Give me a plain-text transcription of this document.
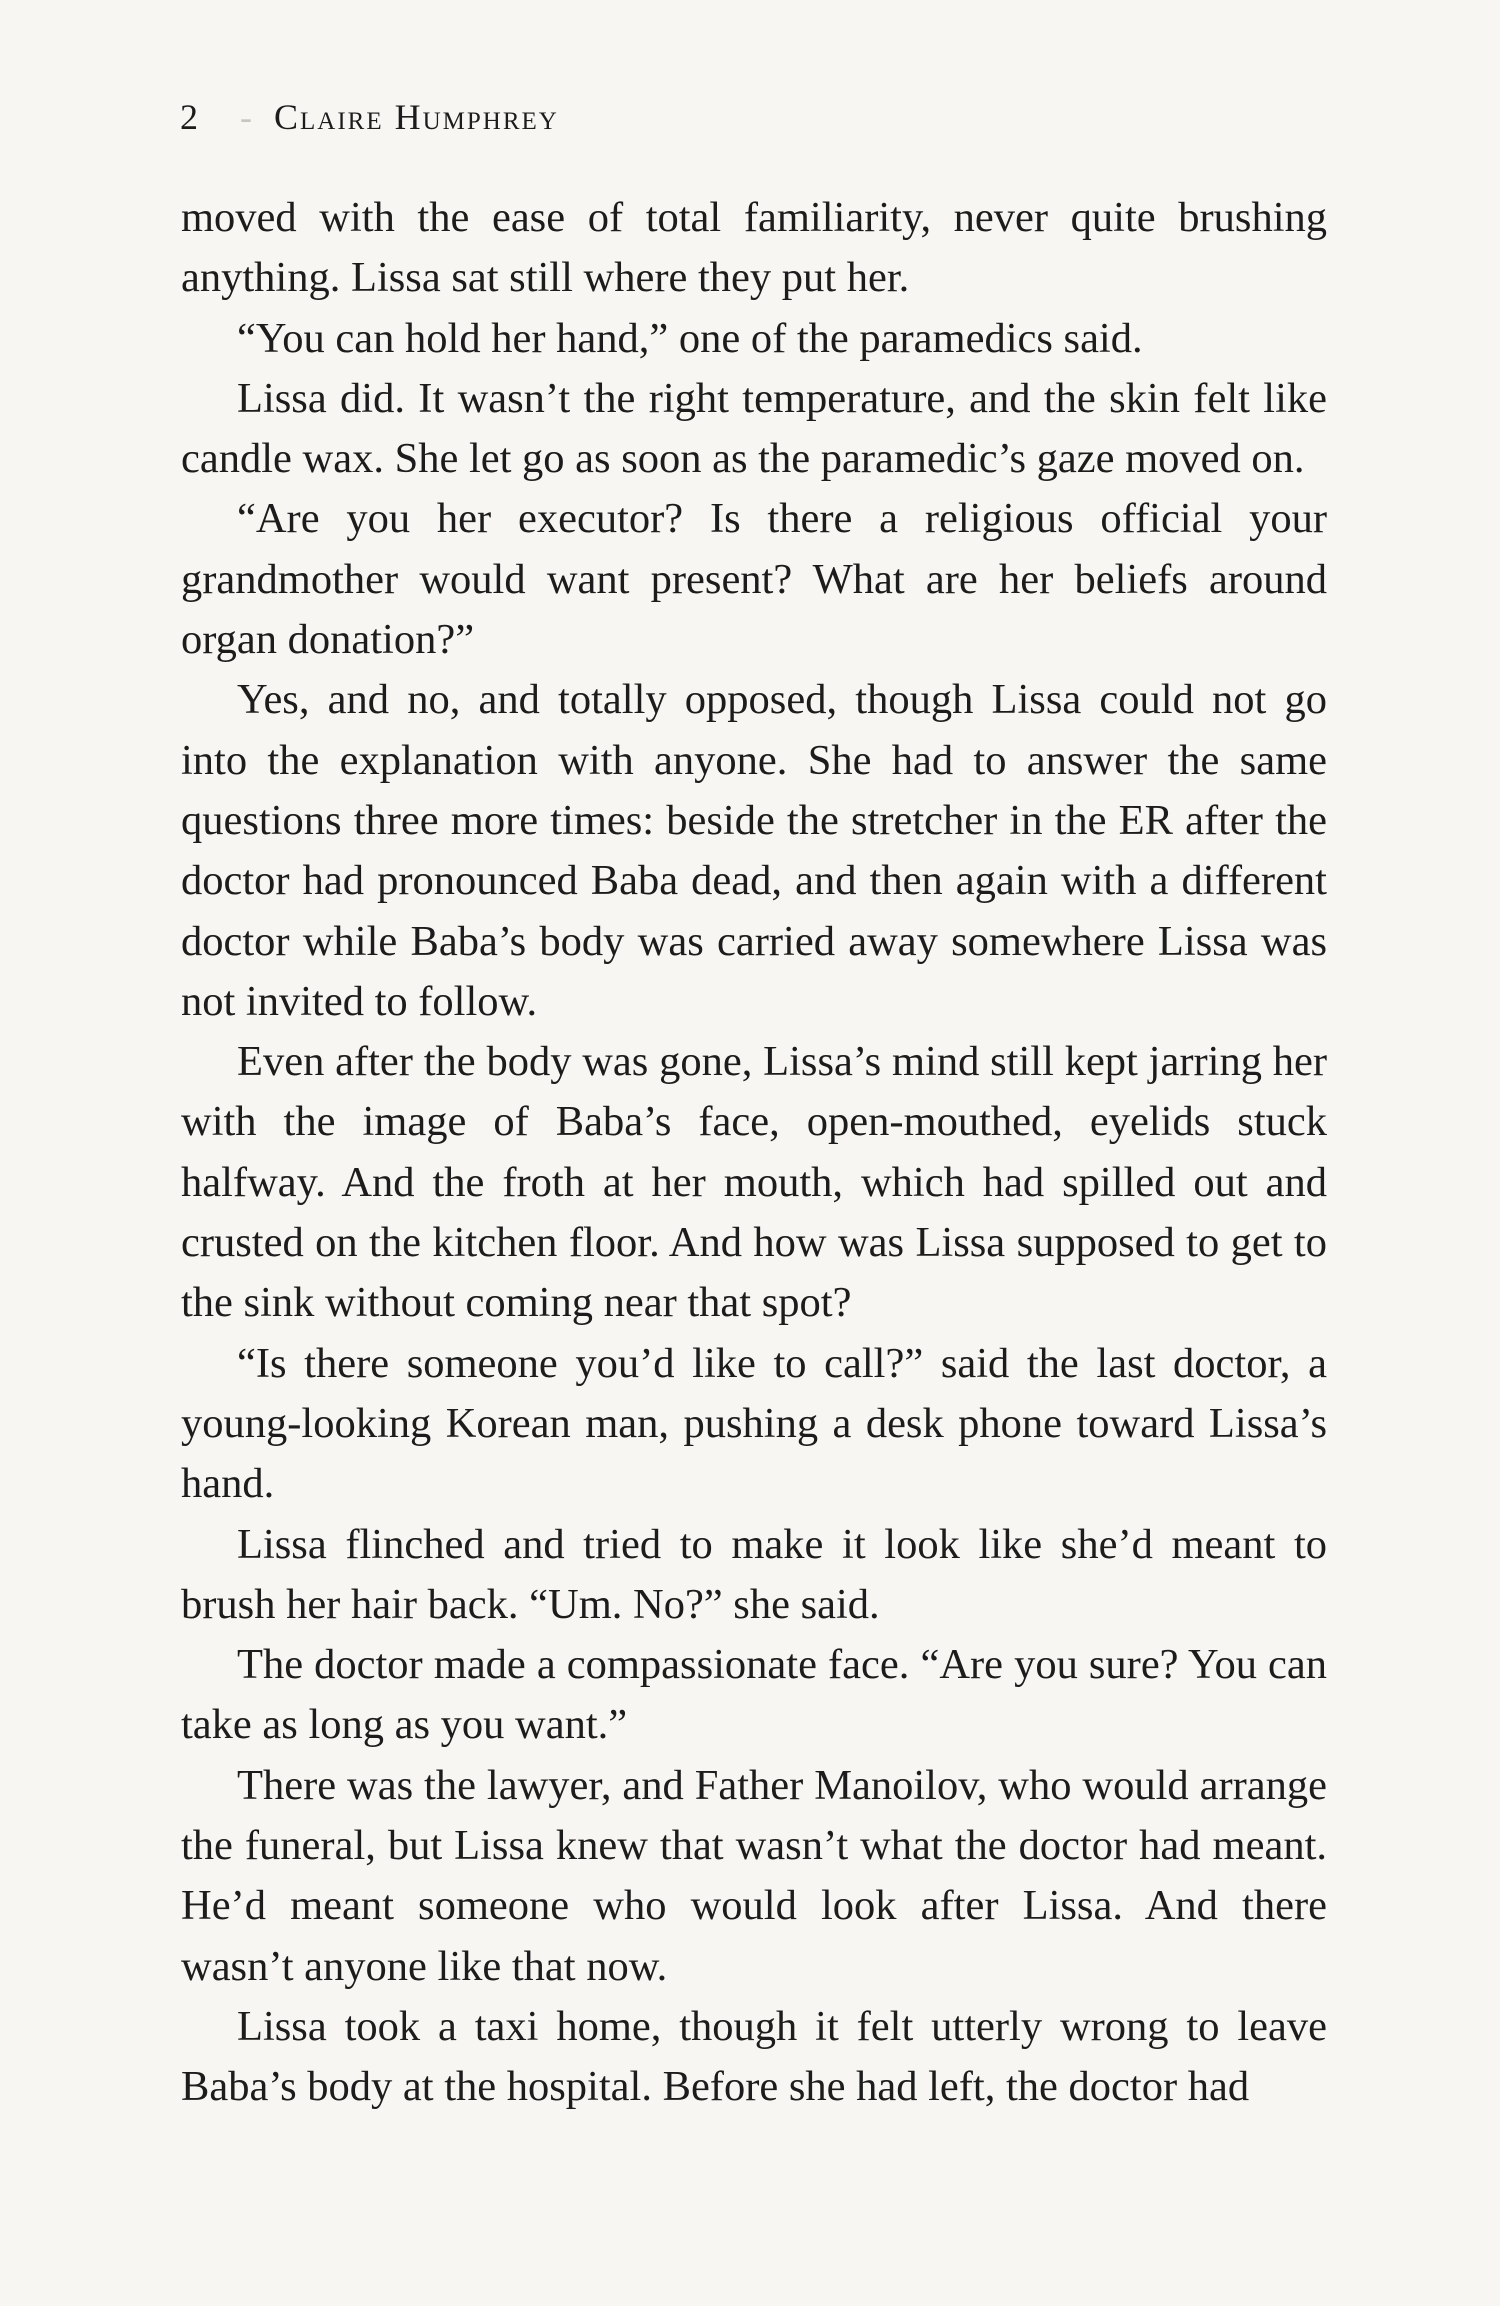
2 - Claire Humphrey

moved with the ease of total familiarity, never quite brushing anything. Lissa sat still where they put her.

“You can hold her hand,” one of the paramedics said.

Lissa did. It wasn’t the right temperature, and the skin felt like candle wax. She let go as soon as the paramedic’s gaze moved on.

“Are you her executor? Is there a religious official your grandmother would want present? What are her beliefs around organ donation?”

Yes, and no, and totally opposed, though Lissa could not go into the explanation with anyone. She had to answer the same questions three more times: beside the stretcher in the ER after the doctor had pronounced Baba dead, and then again with a different doctor while Baba’s body was carried away somewhere Lissa was not invited to follow.

Even after the body was gone, Lissa’s mind still kept jarring her with the image of Baba’s face, open-mouthed, eyelids stuck halfway. And the froth at her mouth, which had spilled out and crusted on the kitchen floor. And how was Lissa supposed to get to the sink without coming near that spot?

“Is there someone you’d like to call?” said the last doctor, a young-looking Korean man, pushing a desk phone toward Lissa’s hand.

Lissa flinched and tried to make it look like she’d meant to brush her hair back. “Um. No?” she said.

The doctor made a compassionate face. “Are you sure? You can take as long as you want.”

There was the lawyer, and Father Manoilov, who would arrange the funeral, but Lissa knew that wasn’t what the doctor had meant. He’d meant someone who would look after Lissa. And there wasn’t anyone like that now.

Lissa took a taxi home, though it felt utterly wrong to leave Baba’s body at the hospital. Before she had left, the doctor had
